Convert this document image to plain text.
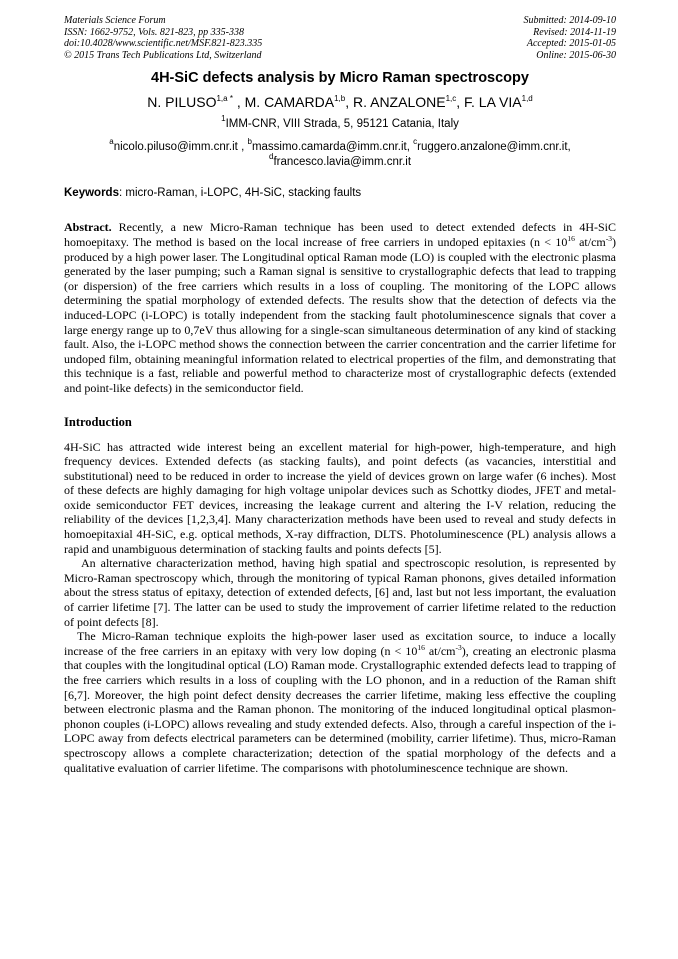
Materials Science Forum
ISSN: 1662-9752, Vols. 821-823, pp 335-338
doi:10.4028/www.scientific.net/MSF.821-823.335
© 2015 Trans Tech Publications Ltd, Switzerland
Submitted: 2014-09-10
Revised: 2014-11-19
Accepted: 2015-01-05
Online: 2015-06-30
4H-SiC defects analysis by Micro Raman spectroscopy
N. $PILUSO^{1,a *}$ , M. CAMARDA$^{1,b}$, R. ANZALONE$^{1,c}$, F. LA VIA$^{1,d}$
$^1$IMM-CNR, VIII Strada, 5, 95121 Catania, Italy
$^a$nicolo.piluso@imm.cnr.it , $^b$massimo.camarda@imm.cnr.it, $^c$ruggero.anzalone@imm.cnr.it,
$^d$francesco.lavia@imm.cnr.it
Keywords: micro-Raman, i-LOPC, 4H-SiC, stacking faults
Abstract. Recently, a new Micro-Raman technique has been used to detect extended defects in 4H-SiC homoepitaxy. The method is based on the local increase of free carriers in undoped epitaxies ($n < 10^{16}$ $at/cm^{-3}$) produced by a high power laser. The Longitudinal optical Raman mode (LO) is coupled with the electronic plasma generated by the laser pumping; such a Raman signal is sensitive to crystallographic defects that lead to trapping (or dispersion) of the free carriers which results in a loss of coupling. The monitoring of the LOPC allows determining the spatial morphology of extended defects. The results show that the detection of defects via the induced-LOPC (i-LOPC) is totally independent from the stacking fault photoluminescence signals that cover a large energy range up to 0,7eV thus allowing for a single-scan simultaneous determination of any kind of stacking fault. Also, the i-LOPC method shows the connection between the carrier concentration and the carrier lifetime for undoped film, obtaining meaningful information related to electrical properties of the film, and demonstrating that this technique is a fast, reliable and powerful method to characterize most of crystallographic defects (extended and point-like defects) in the semiconductor field.
Introduction

4H-SiC has attracted wide interest being an excellent material for high-power, high-temperature, and high frequency devices. Extended defects (as stacking faults), and point defects (as vacancies, interstitial and substitutional) need to be reduced in order to increase the yield of devices grown on large wafer (6 inches). Most of these defects are highly damaging for high voltage unipolar devices such as Schottky diodes, JFET and metal-oxide semiconductor FET devices, increasing the leakage current and altering the I-V relation, reducing the reliability of the devices [1,2,3,4]. Many characterization methods have been used to reveal and study defects in homoepitaxial 4H-SiC, e.g. optical methods, X-ray diffraction, DLTS. Photoluminescence (PL) analysis allows a rapid and unambiguous determination of stacking faults and points defects [5].

An alternative characterization method, having high spatial and spectroscopic resolution, is represented by Micro-Raman spectroscopy which, through the monitoring of typical Raman phonons, gives detailed information about the stress status of epitaxy, detection of extended defects, [6] and, last but not less important, the evaluation of carrier lifetime [7]. The latter can be used to study the improvement of carrier lifetime related to the reduction of point defects [8].

The Micro-Raman technique exploits the high-power laser used as excitation source, to induce a locally increase of the free carriers in an epitaxy with very low doping ($n < 10^{16}$ $at/cm^{-3}$), creating an electronic plasma that couples with the longitudinal optical (LO) Raman mode. Crystallographic extended defects lead to trapping of the free carriers which results in a loss of coupling with the LO phonon, and in a reduction of the Raman shift [6,7]. Moreover, the high point defect density decreases the carrier lifetime, making less effective the coupling between electronic plasma and the Raman phonon. The monitoring of the induced longitudinal optical plasmon-phonon couples (i-LOPC) allows revealing and study extended defects. Also, through a careful inspection of the i-LOPC away from defects electrical parameters can be determined (mobility, carrier lifetime). Thus, micro-Raman spectroscopy allows a complete characterization; detection of the spatial morphology of the defects and a qualitative evaluation of carrier lifetime. The comparisons with photoluminescence technique are shown.
